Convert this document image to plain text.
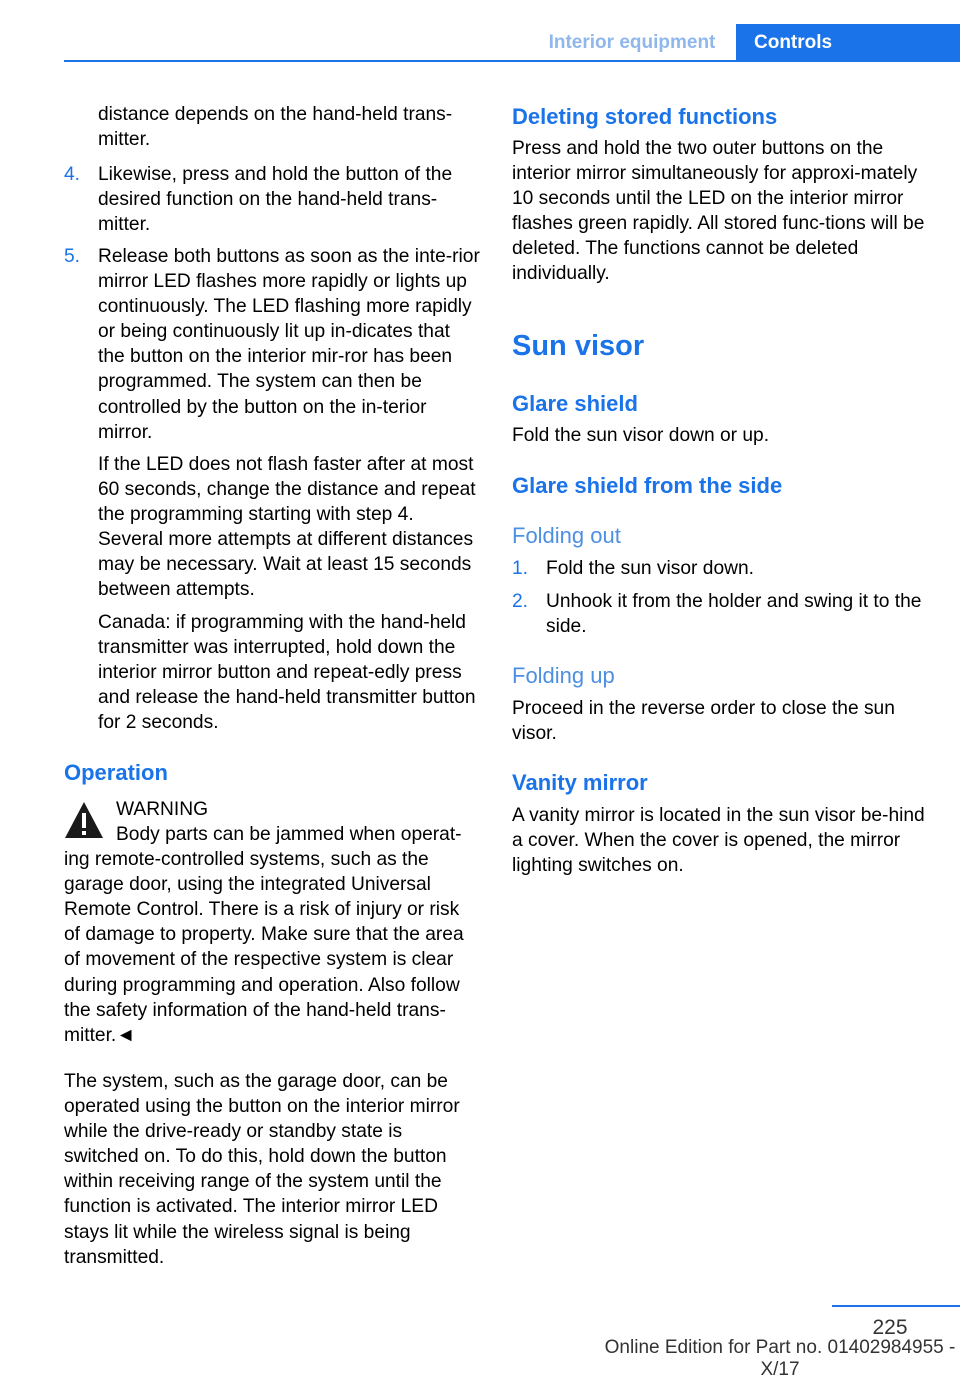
Interior equipment	Controls

distance depends on the hand-held trans-mitter.

4. Likewise, press and hold the button of the desired function on the hand-held trans-mitter.

5. Release both buttons as soon as the inte-rior mirror LED flashes more rapidly or lights up continuously. The LED flashing more rapidly or being continuously lit up in-dicates that the button on the interior mir-ror has been programmed. The system can then be controlled by the button on the in-terior mirror.

If the LED does not flash faster after at most 60 seconds, change the distance and repeat the programming starting with step 4. Several more attempts at different distances may be necessary. Wait at least 15 seconds between attempts.

Canada: if programming with the hand-held transmitter was interrupted, hold down the interior mirror button and repeat-edly press and release the hand-held transmitter button for 2 seconds.

Operation
WARNING

Body parts can be jammed when operat-ing remote-controlled systems, such as the garage door, using the integrated Universal Remote Control. There is a risk of injury or risk of damage to property. Make sure that the area of movement of the respective system is clear during programming and operation. Also follow the safety information of the hand-held trans-mitter.◄

The system, such as the garage door, can be operated using the button on the interior mirror while the drive-ready or standby state is switched on. To do this, hold down the button within receiving range of the system until the function is activated. The interior mirror LED stays lit while the wireless signal is being transmitted.

Deleting stored functions

Press and hold the two outer buttons on the interior mirror simultaneously for approxi-mately 10 seconds until the LED on the interior mirror flashes green rapidly. All stored func-tions will be deleted. The functions cannot be deleted individually.

Sun visor
Glare shield

Fold the sun visor down or up.

Glare shield from the side
Folding out
1. Fold the sun visor down.

2. Unhook it from the holder and swing it to the side.

Folding up

Proceed in the reverse order to close the sun visor.

Vanity mirror

A vanity mirror is located in the sun visor be-hind a cover. When the cover is opened, the mirror lighting switches on.

225
Online Edition for Part no. 01402984955 - X/17
